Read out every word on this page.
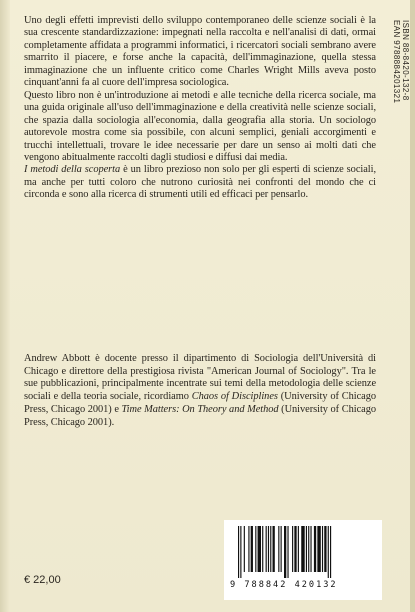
Uno degli effetti imprevisti dello sviluppo contemporaneo delle scienze sociali è la sua crescente standardizzazione: impegnati nella raccolta e nell'analisi di dati, ormai completamente affidata a programmi informatici, i ricercatori sociali sembrano avere smarrito il piacere, e forse anche la capacità, dell'immaginazione, quella stessa immaginazione che un influente critico come Charles Wright Mills aveva posto cinquant'anni fa al cuore dell'impresa sociologica.

Questo libro non è un'introduzione ai metodi e alle tecniche della ricerca sociale, ma una guida originale all'uso dell'immaginazione e della creatività nelle scienze sociali, che spazia dalla sociologia all'economia, dalla geografia alla storia. Un sociologo autorevole mostra come sia possibile, con alcuni semplici, geniali accorgimenti e trucchi intellettuali, trovare le idee necessarie per dare un senso ai molti dati che vengono abitualmente raccolti dagli studiosi e diffusi dai media.

I metodi della scoperta è un libro prezioso non solo per gli esperti di scienze sociali, ma anche per tutti coloro che nutrono curiosità nei confronti del mondo che ci circonda e sono alla ricerca di strumenti utili ed efficaci per pensarlo.

Andrew Abbott è docente presso il dipartimento di Sociologia dell'Università di Chicago e direttore della prestigiosa rivista "American Journal of Sociology". Tra le sue pubblicazioni, principalmente incentrate sui temi della metodologia delle scienze sociali e della teoria sociale, ricordiamo Chaos of Disciplines (University of Chicago Press, Chicago 2001) e Time Matters: On Theory and Method (University of Chicago Press, Chicago 2001).

ISBN 88-8420-132-8
EAN 9788884201321
€ 22,00	9 788842 420132
